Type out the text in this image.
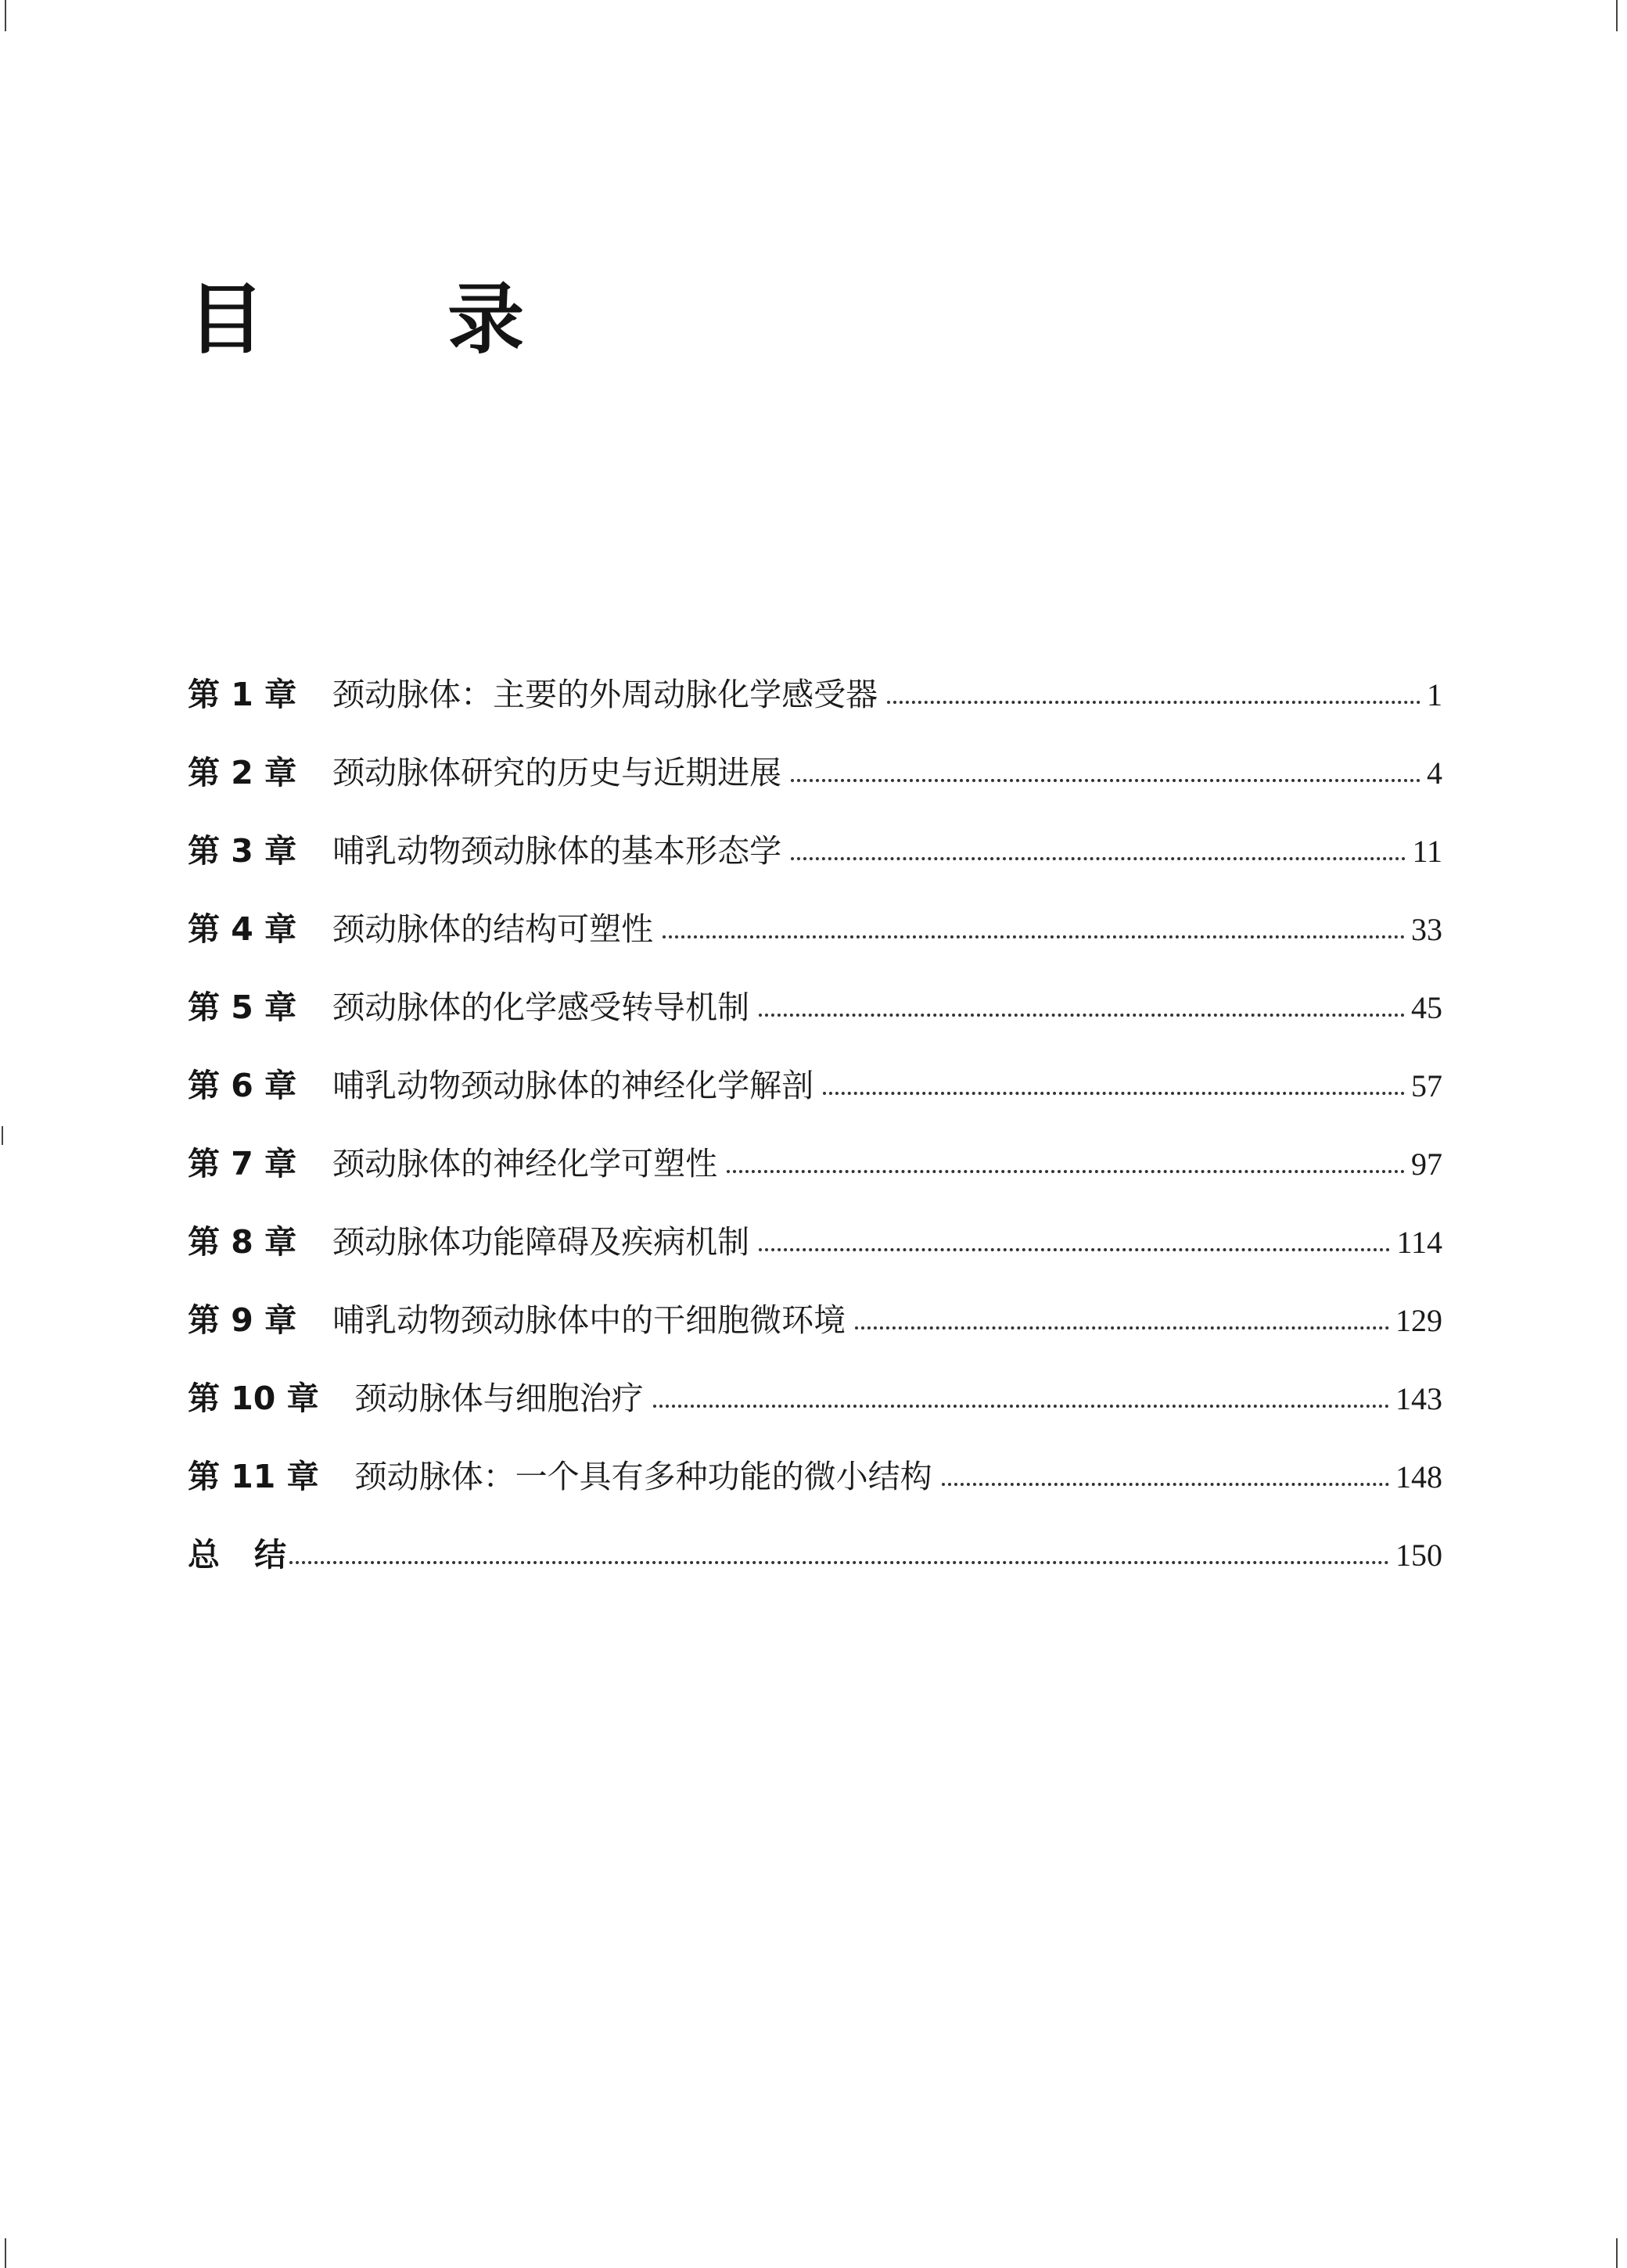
目 录
第 1 章 颈动脉体：主要的外周动脉化学感受器	1
第 2 章 颈动脉体研究的历史与近期进展	4
第 3 章 哺乳动物颈动脉体的基本形态学	11
第 4 章 颈动脉体的结构可塑性	33
第 5 章 颈动脉体的化学感受转导机制	45
第 6 章 哺乳动物颈动脉体的神经化学解剖	57
第 7 章 颈动脉体的神经化学可塑性	97
第 8 章 颈动脉体功能障碍及疾病机制	114
第 9 章 哺乳动物颈动脉体中的干细胞微环境	129
第 10 章 颈动脉体与细胞治疗	143
第 11 章 颈动脉体：一个具有多种功能的微小结构	148
总结	150
